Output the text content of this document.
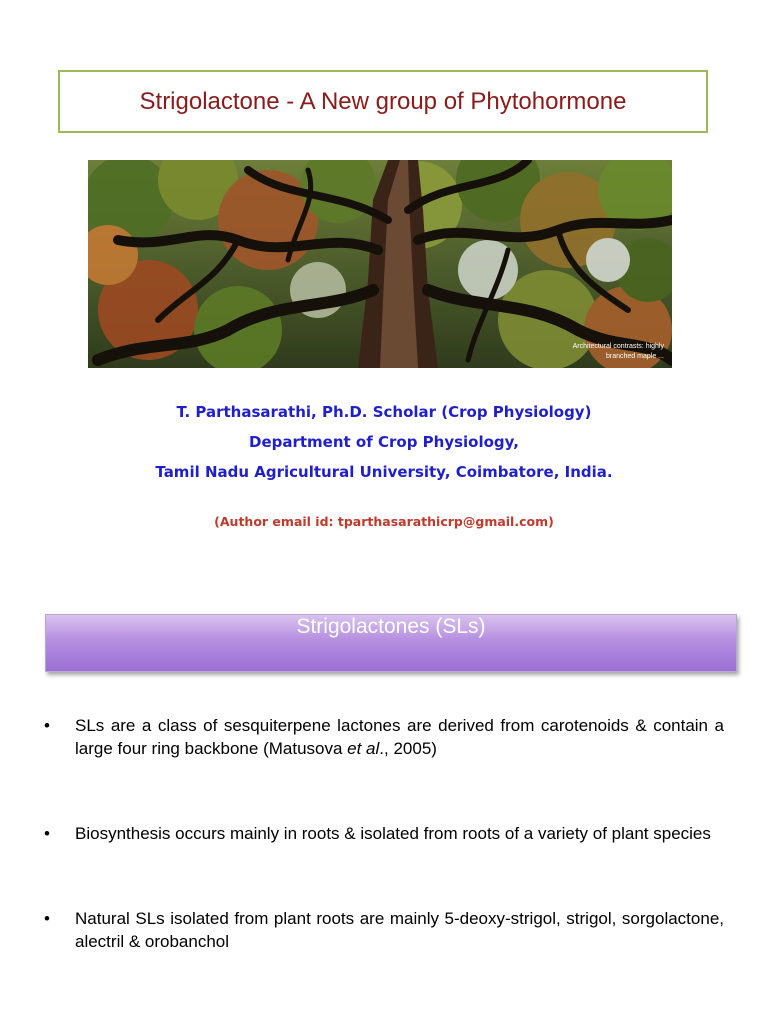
Strigolactone - A New group of Phytohormone
Architectural contrasts: highly
branched maple ...
T. Parthasarathi, Ph.D. Scholar (Crop Physiology)
Department of Crop Physiology,
Tamil Nadu Agricultural University, Coimbatore, India.
(Author email id: tparthasarathicrp@gmail.com)
Strigolactones (SLs)
• SLs are a class of sesquiterpene lactones are derived from carotenoids & contain a large four ring backbone (Matusova et al., 2005)
• Biosynthesis occurs mainly in roots & isolated from roots of a variety of plant species
• Natural SLs isolated from plant roots are mainly 5-deoxy-strigol, strigol, sorgolactone, alectril & orobanchol
